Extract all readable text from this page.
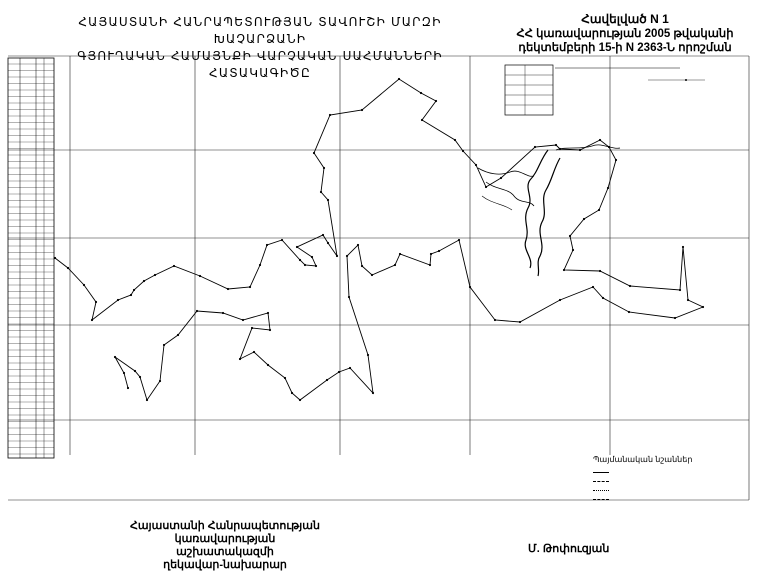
ՀԱՅԱՍՏԱՆԻ ՀԱՆՐԱՊԵՏՈՒԹՅԱՆ ՏԱՎՈՒՇԻ ՄԱՐԶԻ ԽԱՉԱՐՁԱՆԻ
ԳՅՈՒՂԱԿԱՆ ՀԱՄԱՅՆՔԻ ՎԱՐՉԱԿԱՆ ՍԱՀՄԱՆՆԵՐԻ ՀԱՏԱԿԱԳԻԾԸ
Հավելված N 1
ՀՀ կառավարության 2005 թվականի
դեկտեմբերի 15-ի N 2363-Ն որոշման
Պայմանական նշաններ
Հայաստանի Հանրապետության
կառավարության աշխատակազմի
ղեկավար-նախարար
Մ. Թոփուզյան
